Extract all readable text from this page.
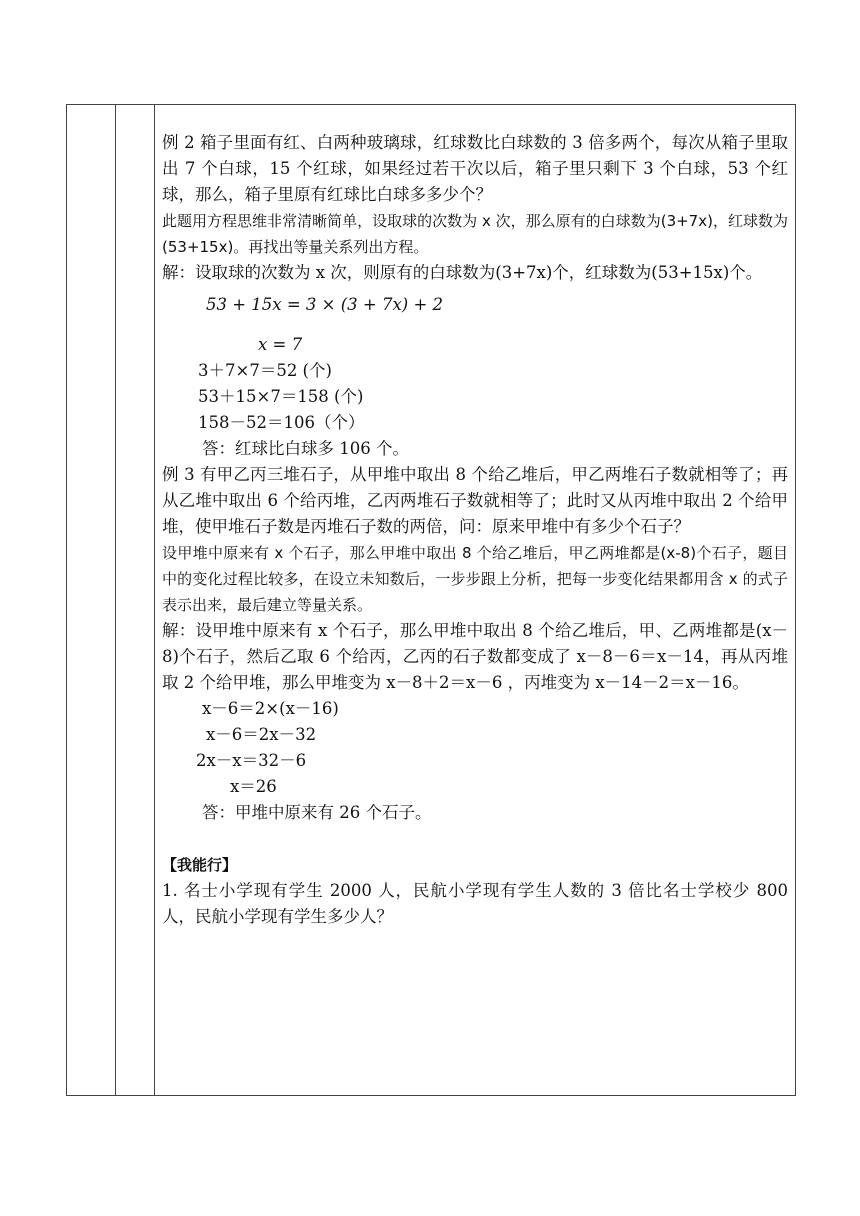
例 2 箱子里面有红、白两种玻璃球，红球数比白球数的 3 倍多两个，每次从箱子里取出 7 个白球，15 个红球，如果经过若干次以后，箱子里只剩下 3 个白球，53 个红球，那么，箱子里原有红球比白球多多少个？

此题用方程思维非常清晰简单，设取球的次数为 x 次，那么原有的白球数为(3+7x)，红球数为(53+15x)。再找出等量关系列出方程。

解：设取球的次数为 x 次，则原有的白球数为(3+7x)个，红球数为(53+15x)个。

53 + 15x = 3 × (3 + 7x) + 2

x = 7

3＋7×7＝52 (个)

53＋15×7＝158 (个)

158－52＝106（个）

答：红球比白球多 106 个。

例 3 有甲乙丙三堆石子，从甲堆中取出 8 个给乙堆后，甲乙两堆石子数就相等了；再从乙堆中取出 6 个给丙堆，乙丙两堆石子数就相等了；此时又从丙堆中取出 2 个给甲堆，使甲堆石子数是丙堆石子数的两倍，问：原来甲堆中有多少个石子？

设甲堆中原来有 x 个石子，那么甲堆中取出 8 个给乙堆后，甲乙两堆都是(x-8)个石子，题目中的变化过程比较多，在设立未知数后，一步步跟上分析，把每一步变化结果都用含 x 的式子表示出来，最后建立等量关系。

解：设甲堆中原来有 x 个石子，那么甲堆中取出 8 个给乙堆后，甲、乙两堆都是(x－8)个石子，然后乙取 6 个给丙，乙丙的石子数都变成了 x－8－6＝x－14，再从丙堆取 2 个给甲堆，那么甲堆变为 x－8＋2＝x－6 ，丙堆变为 x－14－2＝x－16。

x－6＝2×(x－16)

x－6＝2x－32

2x－x＝32－6

x＝26

答：甲堆中原来有 26 个石子。

【我能行】

1. 名士小学现有学生 2000 人，民航小学现有学生人数的 3 倍比名士学校少 800 人，民航小学现有学生多少人？
